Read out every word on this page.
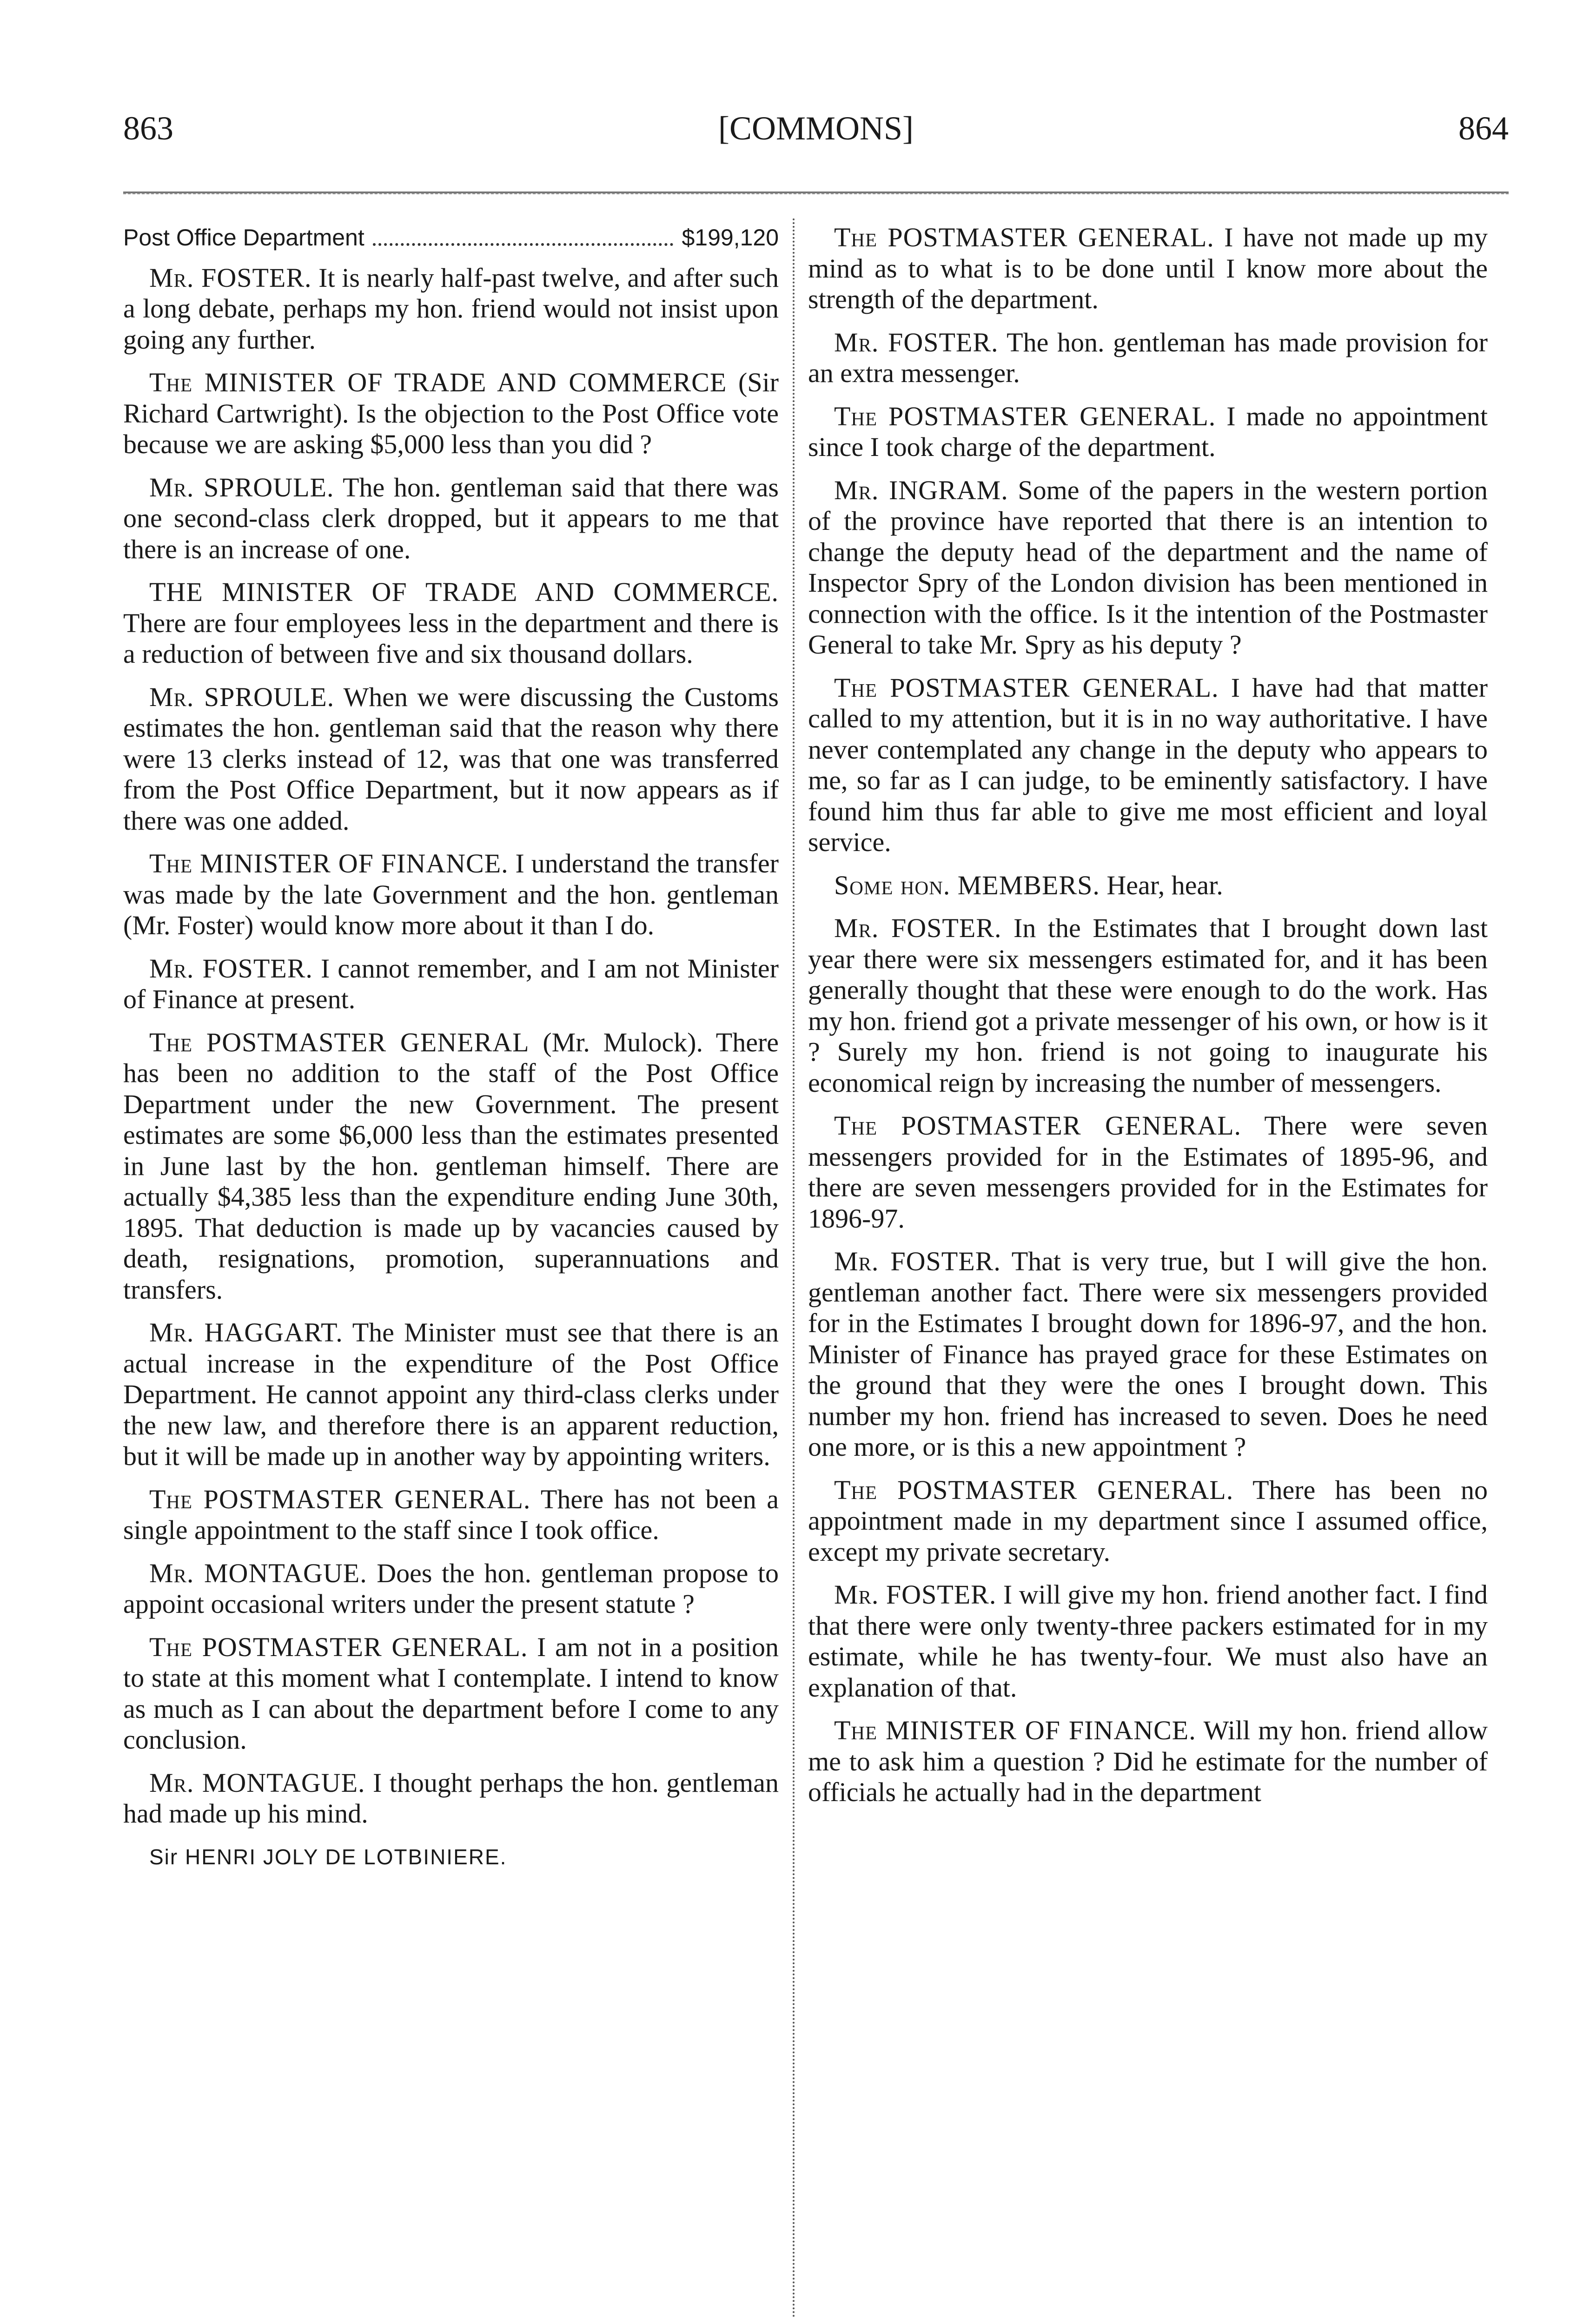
863	[COMMONS]	864
Post Office Department	$199,120

Mr. FOSTER. It is nearly half-past twelve, and after such a long debate, perhaps my hon. friend would not insist upon going any further.

The MINISTER OF TRADE AND COMMERCE (Sir Richard Cartwright). Is the objection to the Post Office vote because we are asking $5,000 less than you did ?

Mr. SPROULE. The hon. gentleman said that there was one second-class clerk dropped, but it appears to me that there is an increase of one.

THE MINISTER OF TRADE AND COMMERCE. There are four employees less in the department and there is a reduction of between five and six thousand dollars.

Mr. SPROULE. When we were discussing the Customs estimates the hon. gentleman said that the reason why there were 13 clerks instead of 12, was that one was transferred from the Post Office Department, but it now appears as if there was one added.

The MINISTER OF FINANCE. I understand the transfer was made by the late Government and the hon. gentleman (Mr. Foster) would know more about it than I do.

Mr. FOSTER. I cannot remember, and I am not Minister of Finance at present.

The POSTMASTER GENERAL (Mr. Mulock). There has been no addition to the staff of the Post Office Department under the new Government. The present estimates are some $6,000 less than the estimates presented in June last by the hon. gentleman himself. There are actually $4,385 less than the expenditure ending June 30th, 1895. That deduction is made up by vacancies caused by death, resignations, promotion, superannuations and transfers.

Mr. HAGGART. The Minister must see that there is an actual increase in the expenditure of the Post Office Department. He cannot appoint any third-class clerks under the new law, and therefore there is an apparent reduction, but it will be made up in another way by appointing writers.

The POSTMASTER GENERAL. There has not been a single appointment to the staff since I took office.

Mr. MONTAGUE. Does the hon. gentleman propose to appoint occasional writers under the present statute ?

The POSTMASTER GENERAL. I am not in a position to state at this moment what I contemplate. I intend to know as much as I can about the department before I come to any conclusion.

Mr. MONTAGUE. I thought perhaps the hon. gentleman had made up his mind.

Sir HENRI JOLY DE LOTBINIERE.

The POSTMASTER GENERAL. I have not made up my mind as to what is to be done until I know more about the strength of the department.

Mr. FOSTER. The hon. gentleman has made provision for an extra messenger.

The POSTMASTER GENERAL. I made no appointment since I took charge of the department.

Mr. INGRAM. Some of the papers in the western portion of the province have reported that there is an intention to change the deputy head of the department and the name of Inspector Spry of the London division has been mentioned in connection with the office. Is it the intention of the Postmaster General to take Mr. Spry as his deputy ?

The POSTMASTER GENERAL. I have had that matter called to my attention, but it is in no way authoritative. I have never contemplated any change in the deputy who appears to me, so far as I can judge, to be eminently satisfactory. I have found him thus far able to give me most efficient and loyal service.

Some hon. MEMBERS. Hear, hear.

Mr. FOSTER. In the Estimates that I brought down last year there were six messengers estimated for, and it has been generally thought that these were enough to do the work. Has my hon. friend got a private messenger of his own, or how is it ? Surely my hon. friend is not going to inaugurate his economical reign by increasing the number of messengers.

The POSTMASTER GENERAL. There were seven messengers provided for in the Estimates of 1895-96, and there are seven messengers provided for in the Estimates for 1896-97.

Mr. FOSTER. That is very true, but I will give the hon. gentleman another fact. There were six messengers provided for in the Estimates I brought down for 1896-97, and the hon. Minister of Finance has prayed grace for these Estimates on the ground that they were the ones I brought down. This number my hon. friend has increased to seven. Does he need one more, or is this a new appointment ?

The POSTMASTER GENERAL. There has been no appointment made in my department since I assumed office, except my private secretary.

Mr. FOSTER. I will give my hon. friend another fact. I find that there were only twenty-three packers estimated for in my estimate, while he has twenty-four. We must also have an explanation of that.

The MINISTER OF FINANCE. Will my hon. friend allow me to ask him a question ? Did he estimate for the number of officials he actually had in the department
